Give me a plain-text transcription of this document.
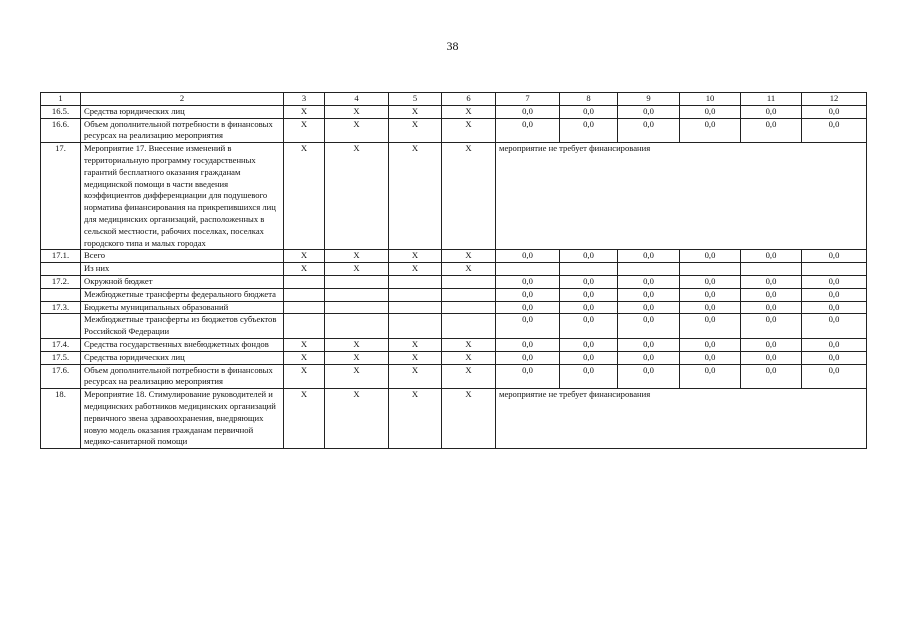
38
1	2	3	4	5	6	7	8	9	10	11	12
16.5.	Средства юридических лиц	X	X	X	X	0,0	0,0	0,0	0,0	0,0	0,0
16.6.	Объем дополнительной потребности в финансовых ресурсах на реализацию мероприятия	X	X	X	X	0,0	0,0	0,0	0,0	0,0	0,0
17.	Мероприятие 17. Внесение изменений в территориальную программу государственных гарантий бесплатного оказания гражданам медицинской помощи в части введения коэффициентов дифференциации для подушевого норматива финансирования на прикрепившихся лиц для медицинских организаций, расположенных в сельской местности, рабочих поселках, поселках городского типа и малых городах	X	X	X	X	мероприятие не требует финансирования					
17.1.	Всего	X	X	X	X	0,0	0,0	0,0	0,0	0,0	0,0
	Из них	X	X	X	X						
17.2.	Окружной бюджет					0,0	0,0	0,0	0,0	0,0	0,0
	Межбюджетные трансферты федерального бюджета					0,0	0,0	0,0	0,0	0,0	0,0
17.3.	Бюджеты муниципальных образований					0,0	0,0	0,0	0,0	0,0	0,0
	Межбюджетные трансферты из бюджетов субъектов Российской Федерации					0,0	0,0	0,0	0,0	0,0	0,0
17.4.	Средства государственных внебюджетных фондов	X	X	X	X	0,0	0,0	0,0	0,0	0,0	0,0
17.5.	Средства юридических лиц	X	X	X	X	0,0	0,0	0,0	0,0	0,0	0,0
17.6.	Объем дополнительной потребности в финансовых ресурсах на реализацию мероприятия	X	X	X	X	0,0	0,0	0,0	0,0	0,0	0,0
18.	Мероприятие 18. Стимулирование руководителей и медицинских работников медицинских организаций первичного звена здравоохранения, внедряющих новую модель оказания гражданам первичной медико-санитарной помощи	X	X	X	X	мероприятие не требует финансирования					
